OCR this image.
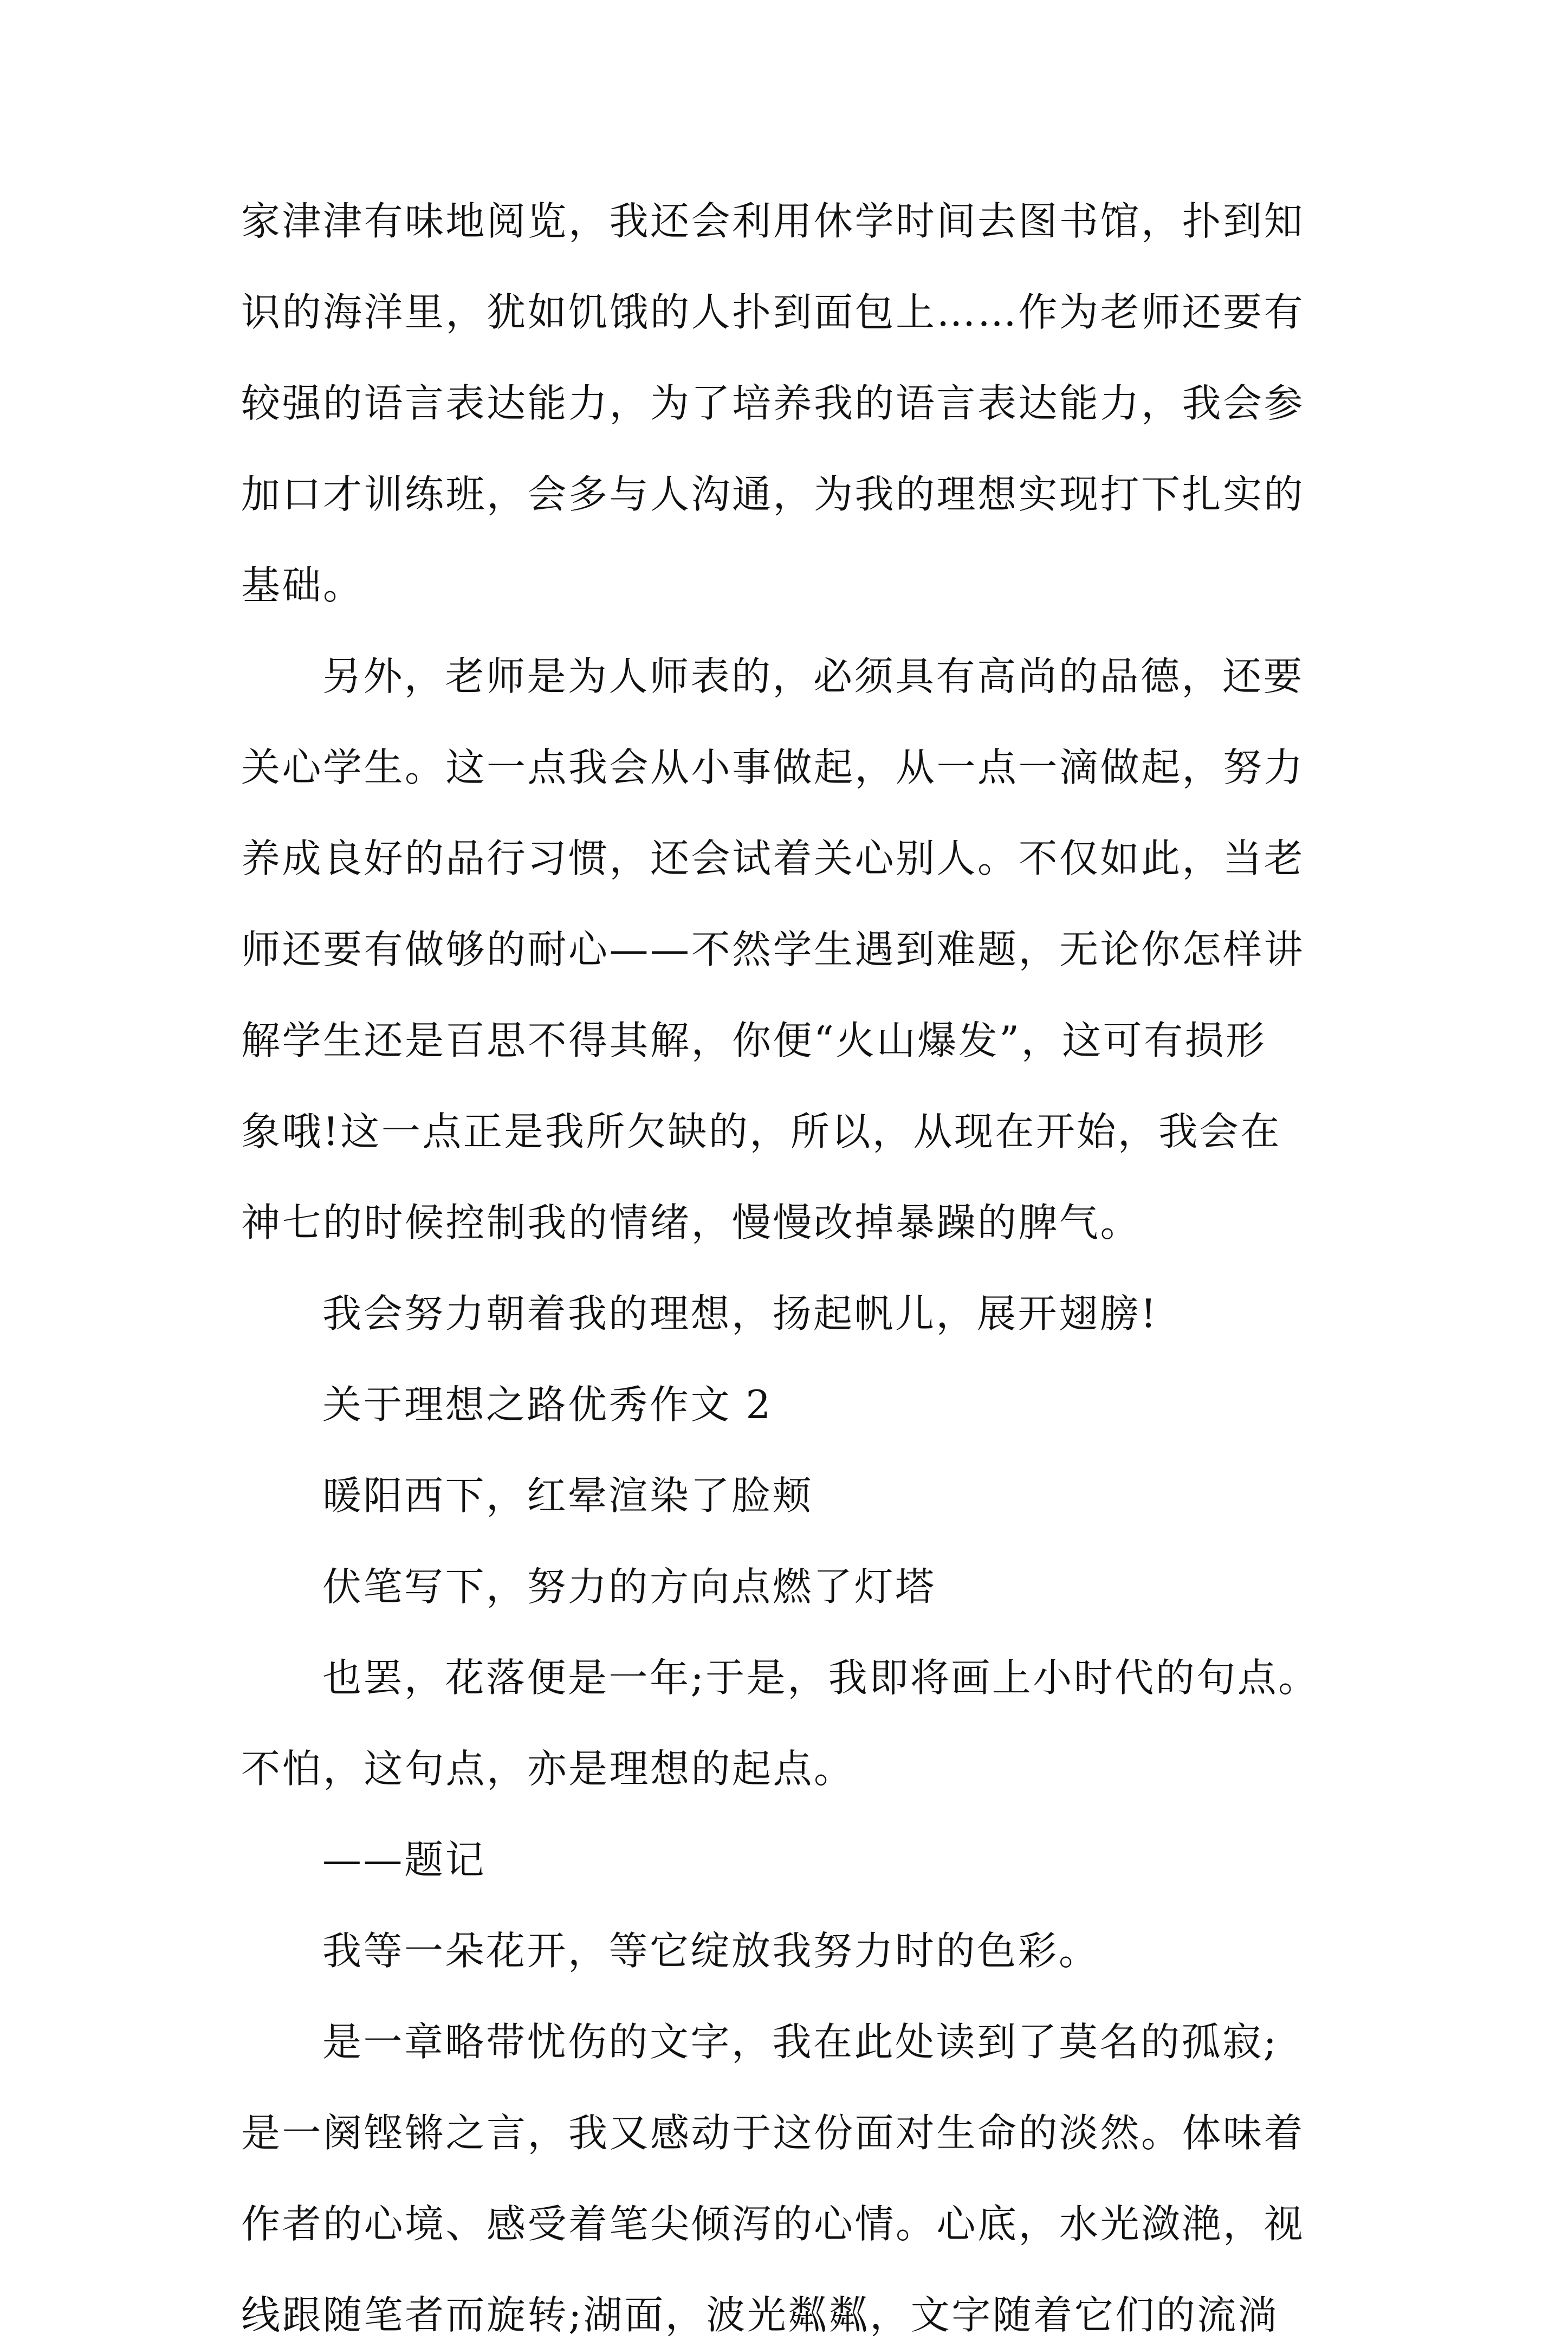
家津津有味地阅览，我还会利用休学时间去图书馆，扑到知
识的海洋里，犹如饥饿的人扑到面包上……作为老师还要有
较强的语言表达能力，为了培养我的语言表达能力，我会参
加口才训练班，会多与人沟通，为我的理想实现打下扎实的
基础。
另外，老师是为人师表的，必须具有高尚的品德，还要
关心学生。这一点我会从小事做起，从一点一滴做起，努力
养成良好的品行习惯，还会试着关心别人。不仅如此，当老
师还要有做够的耐心——不然学生遇到难题，无论你怎样讲
解学生还是百思不得其解，你便“火山爆发”，这可有损形
象哦!这一点正是我所欠缺的，所以，从现在开始，我会在
神七的时候控制我的情绪，慢慢改掉暴躁的脾气。
我会努力朝着我的理想，扬起帆儿，展开翅膀!
关于理想之路优秀作文 2
暖阳西下，红晕渲染了脸颊
伏笔写下，努力的方向点燃了灯塔
也罢，花落便是一年;于是，我即将画上小时代的句点。
不怕，这句点，亦是理想的起点。
——题记
我等一朵花开，等它绽放我努力时的色彩。
是一章略带忧伤的文字，我在此处读到了莫名的孤寂;
是一阕铿锵之言，我又感动于这份面对生命的淡然。体味着
作者的心境、感受着笔尖倾泻的心情。心底，水光潋滟，视
线跟随笔者而旋转;湖面，波光粼粼，文字随着它们的流淌
